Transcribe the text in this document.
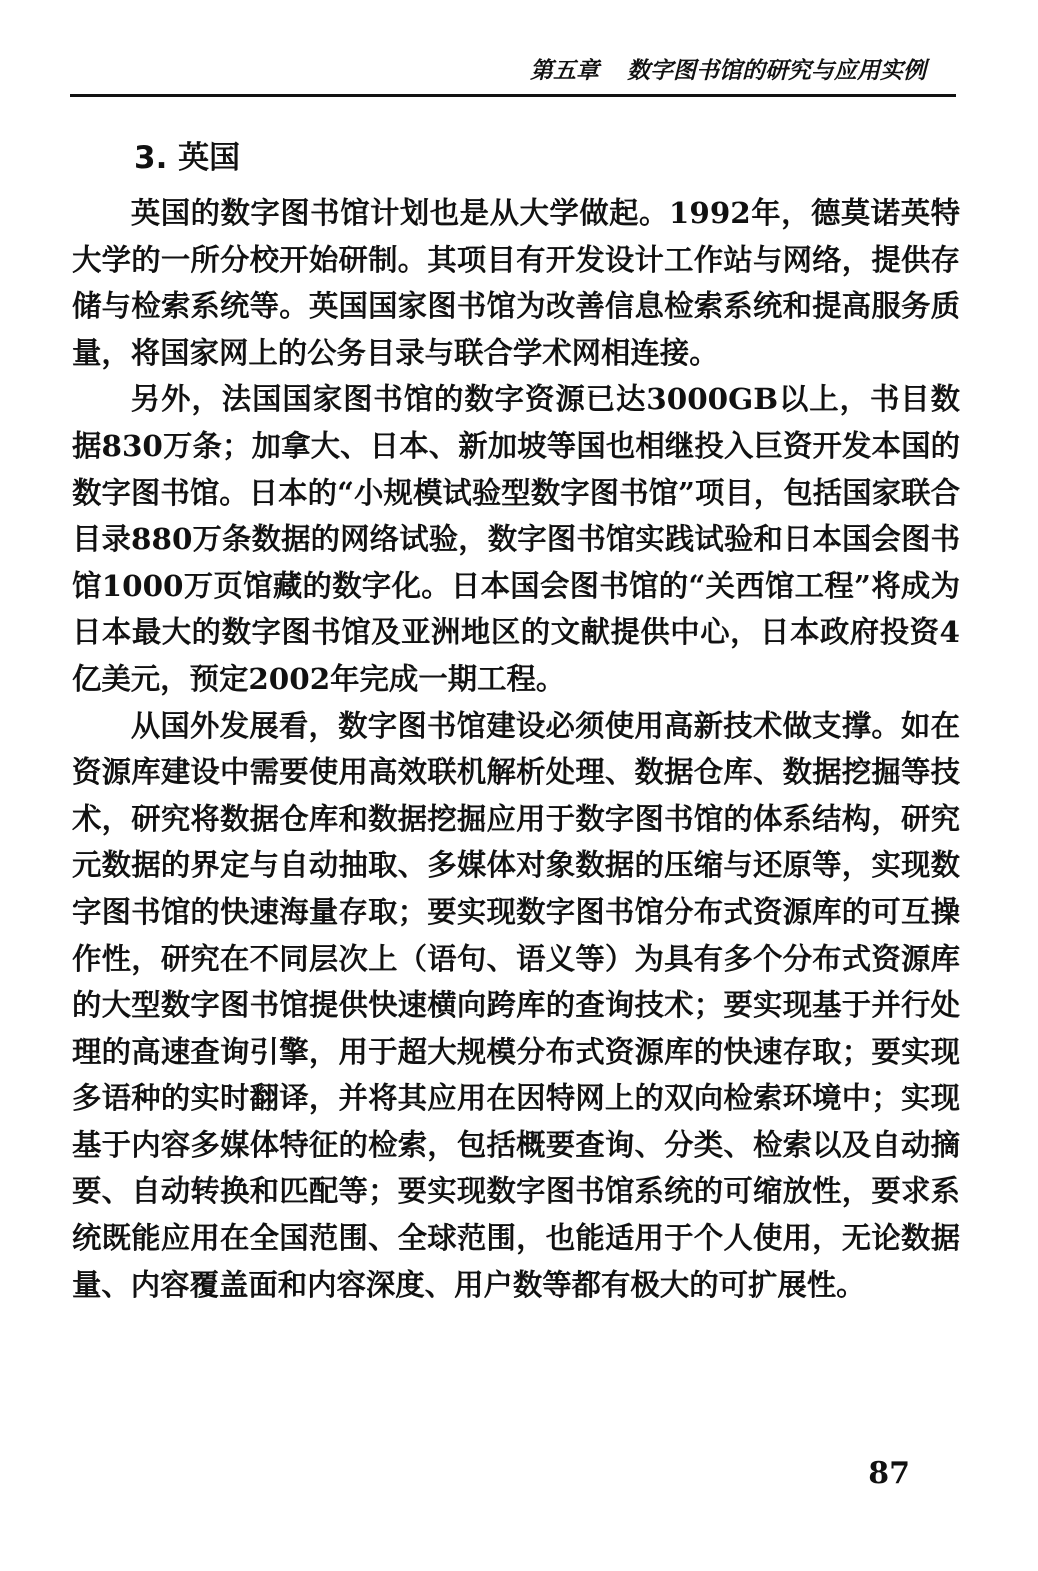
第五章 数字图书馆的研究与应用实例
3. 英国

英国的数字图书馆计划也是从大学做起。1992年，德莫诺英特大学的一所分校开始研制。其项目有开发设计工作站与网络，提供存储与检索系统等。英国国家图书馆为改善信息检索系统和提高服务质量，将国家网上的公务目录与联合学术网相连接。

另外，法国国家图书馆的数字资源已达3000GB以上，书目数据830万条；加拿大、日本、新加坡等国也相继投入巨资开发本国的数字图书馆。日本的“小规模试验型数字图书馆”项目，包括国家联合目录880万条数据的网络试验，数字图书馆实践试验和日本国会图书馆1000万页馆藏的数字化。日本国会图书馆的“关西馆工程”将成为日本最大的数字图书馆及亚洲地区的文献提供中心，日本政府投资4亿美元，预定2002年完成一期工程。

从国外发展看，数字图书馆建设必须使用高新技术做支撑。如在资源库建设中需要使用高效联机解析处理、数据仓库、数据挖掘等技术，研究将数据仓库和数据挖掘应用于数字图书馆的体系结构，研究元数据的界定与自动抽取、多媒体对象数据的压缩与还原等，实现数字图书馆的快速海量存取；要实现数字图书馆分布式资源库的可互操作性，研究在不同层次上（语句、语义等）为具有多个分布式资源库的大型数字图书馆提供快速横向跨库的查询技术；要实现基于并行处理的高速查询引擎，用于超大规模分布式资源库的快速存取；要实现多语种的实时翻译，并将其应用在因特网上的双向检索环境中；实现基于内容多媒体特征的检索，包括概要查询、分类、检索以及自动摘要、自动转换和匹配等；要实现数字图书馆系统的可缩放性，要求系统既能应用在全国范围、全球范围，也能适用于个人使用，无论数据量、内容覆盖面和内容深度、用户数等都有极大的可扩展性。

87
